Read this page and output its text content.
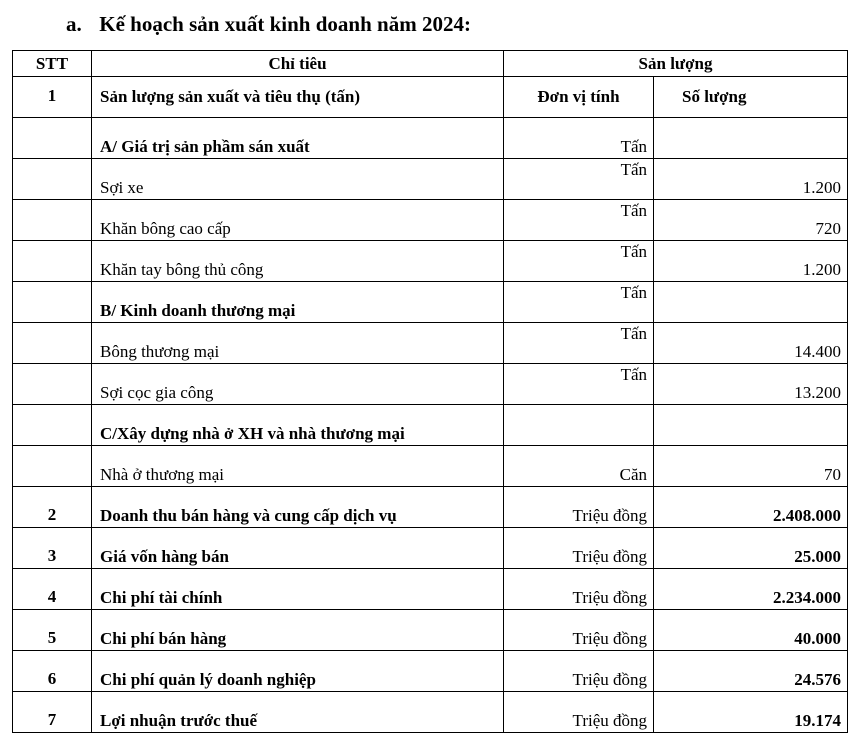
a. Kế hoạch sản xuất kinh doanh năm 2024:
STT	Chỉ tiêu	Sản lượng	
1	Sản lượng sản xuất và tiêu thụ (tấn)	Đơn vị tính	Số lượng
	A/ Giá trị sản phầm sán xuất	Tấn	
	Sợi xe	Tấn	1.200
	Khăn bông cao cấp	Tấn	720
	Khăn tay bông thủ công	Tấn	1.200
	B/ Kinh doanh thương mại	Tấn	
	Bông thương mại	Tấn	14.400
	Sợi cọc gia công	Tấn	13.200
	C/Xây dựng nhà ở XH và nhà thương mại		
	Nhà ở thương mại	Căn	70
2	Doanh thu bán hàng và cung cấp dịch vụ	Triệu đồng	2.408.000
3	Giá vốn hàng bán	Triệu đồng	25.000
4	Chi phí tài chính	Triệu đồng	2.234.000
5	Chi phí bán hàng	Triệu đồng	40.000
6	Chi phí quản lý doanh nghiệp	Triệu đồng	24.576
7	Lợi nhuận trước thuế	Triệu đồng	19.174
